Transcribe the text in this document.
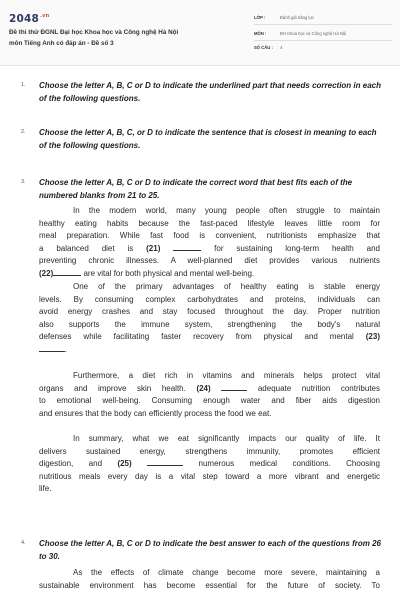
$2048^{.vn}$
Đề thi thử ĐGNL Đại học Khoa học và Công nghệ Hà Nội
môn Tiếng Anh có đáp án - Đề số 3
LỚP :	Đánh giá năng lực
MÔN :	ĐH Khoa học và Công nghệ Hà Nội
SỐ CÂU : 4
1. Choose the letter A, B, C or D to indicate the underlined part that needs correction in each of the following questions.
2. Choose the letter A, B, C, or D to indicate the sentence that is closest in meaning to each of the following questions.
3. Choose the letter A, B, C or D to indicate the correct word that best fits each of the numbered blanks from 21 to 25.
In the modern world, many young people often struggle to maintain
healthy eating habits because the fast-paced lifestyle leaves little room for
meal preparation. While fast food is convenient, nutritionists emphasize that
a balanced diet is (21)	for sustaining long-term health and
preventing chronic illnesses. A well-planned diet provides various nutrients
(22)	are vital for both physical and mental well-being.
One of the primary advantages of healthy eating is stable energy
levels. By consuming complex carbohydrates and proteins, individuals can
avoid energy crashes and stay focused throughout the day. Proper nutrition
also supports the immune system, strengthening the body's natural
defenses while facilitating faster recovery from physical and mental (23)
.
Furthermore, a diet rich in vitamins and minerals helps protect vital
organs and improve skin health. (24)	adequate nutrition contributes
to emotional well-being. Consuming enough water and fiber aids digestion
and ensures that the body can efficiently process the food we eat.
In summary, what we eat significantly impacts our quality of life. It
delivers sustained energy, strengthens immunity, promotes efficient
digestion, and (25)	numerous medical conditions. Choosing
nutritious meals every day is a vital step toward a more vibrant and energetic
life.
4. Choose the letter A, B, C or D to indicate the best answer to each of the questions from 26 to 30.
As the effects of climate change become more severe, maintaining a
sustainable environment has become essential for the future of society. To
